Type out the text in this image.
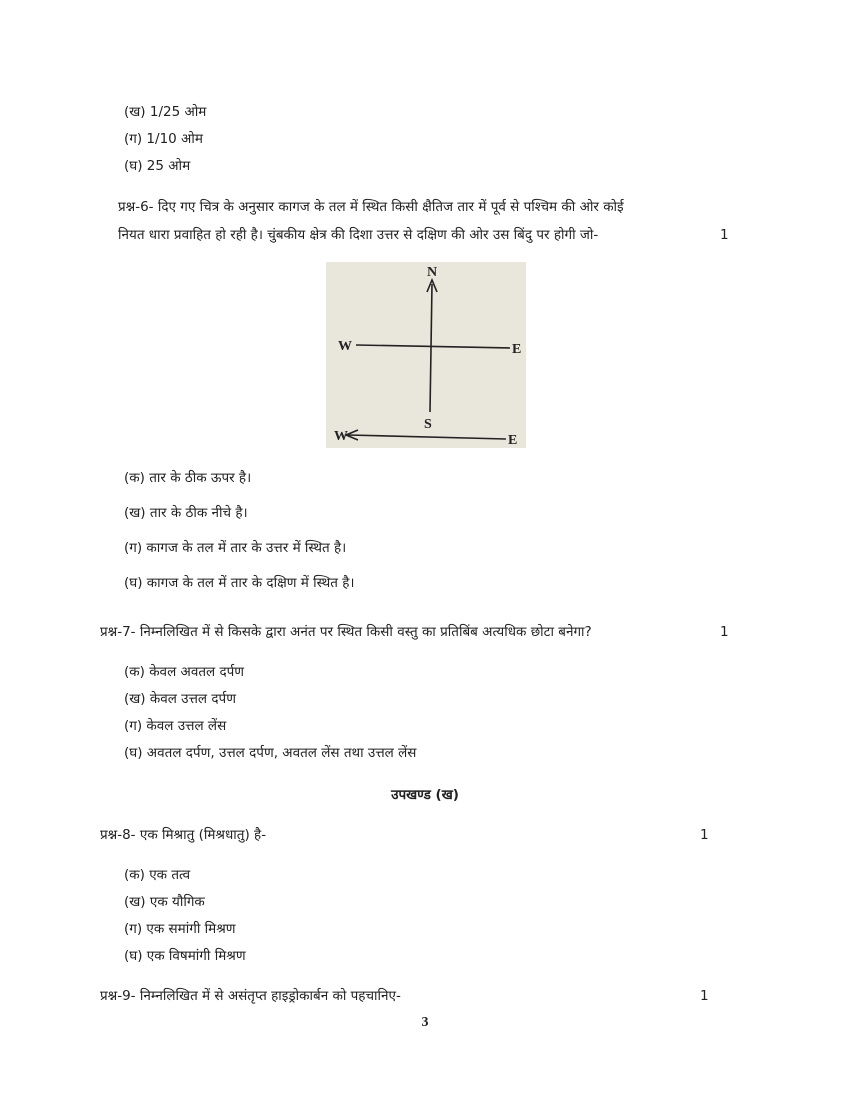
(ख) 1/25 ओम
(ग) 1/10 ओम
(घ) 25 ओम
प्रश्न-6- दिए गए चित्र के अनुसार कागज के तल में स्थित किसी क्षैतिज तार में पूर्व से पश्चिम की ओर कोई
नियत धारा प्रवाहित हो रही है। चुंबकीय क्षेत्र की दिशा उत्तर से दक्षिण की ओर उस बिंदु पर होगी जो-	1
N
S
W	E
W	E
(क) तार के ठीक ऊपर है।
(ख) तार के ठीक नीचे है।
(ग) कागज के तल में तार के उत्तर में स्थित है।
(घ) कागज के तल में तार के दक्षिण में स्थित है।
प्रश्न-7- निम्नलिखित में से किसके द्वारा अनंत पर स्थित किसी वस्तु का प्रतिबिंब अत्यधिक छोटा बनेगा?	1
(क) केवल अवतल दर्पण
(ख) केवल उत्तल दर्पण
(ग) केवल उत्तल लेंस
(घ) अवतल दर्पण, उत्तल दर्पण, अवतल लेंस तथा उत्तल लेंस
उपखण्ड (ख)
प्रश्न-8- एक मिश्रातु (मिश्रधातु) है-	1
(क) एक तत्व
(ख) एक यौगिक
(ग) एक समांगी मिश्रण
(घ) एक विषमांगी मिश्रण
प्रश्न-9- निम्नलिखित में से असंतृप्त हाइड्रोकार्बन को पहचानिए-	1
3
